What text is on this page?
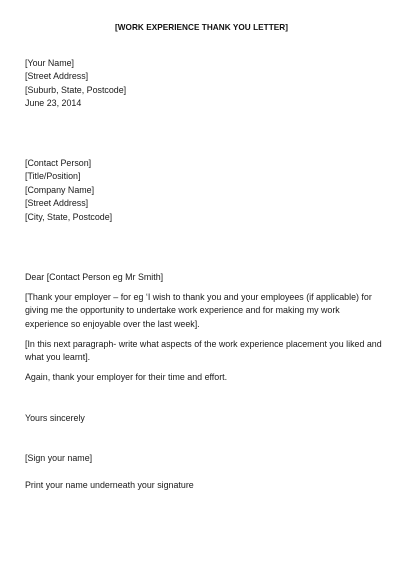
[WORK EXPERIENCE THANK YOU LETTER]
[Your Name]
[Street Address]
[Suburb, State, Postcode]
June 23, 2014
[Contact Person]
[Title/Position]
[Company Name]
[Street Address]
[City, State, Postcode]
Dear [Contact Person eg Mr Smith]
[Thank your employer – for eg ‘I wish to thank you and your employees (if applicable) for
giving me the opportunity to undertake work experience and for making my work
experience so enjoyable over the last week].
[In this next paragraph- write what aspects of the work experience placement you liked and
what you learnt].
Again, thank your employer for their time and effort.
Yours sincerely
[Sign your name]
Print your name underneath your signature
